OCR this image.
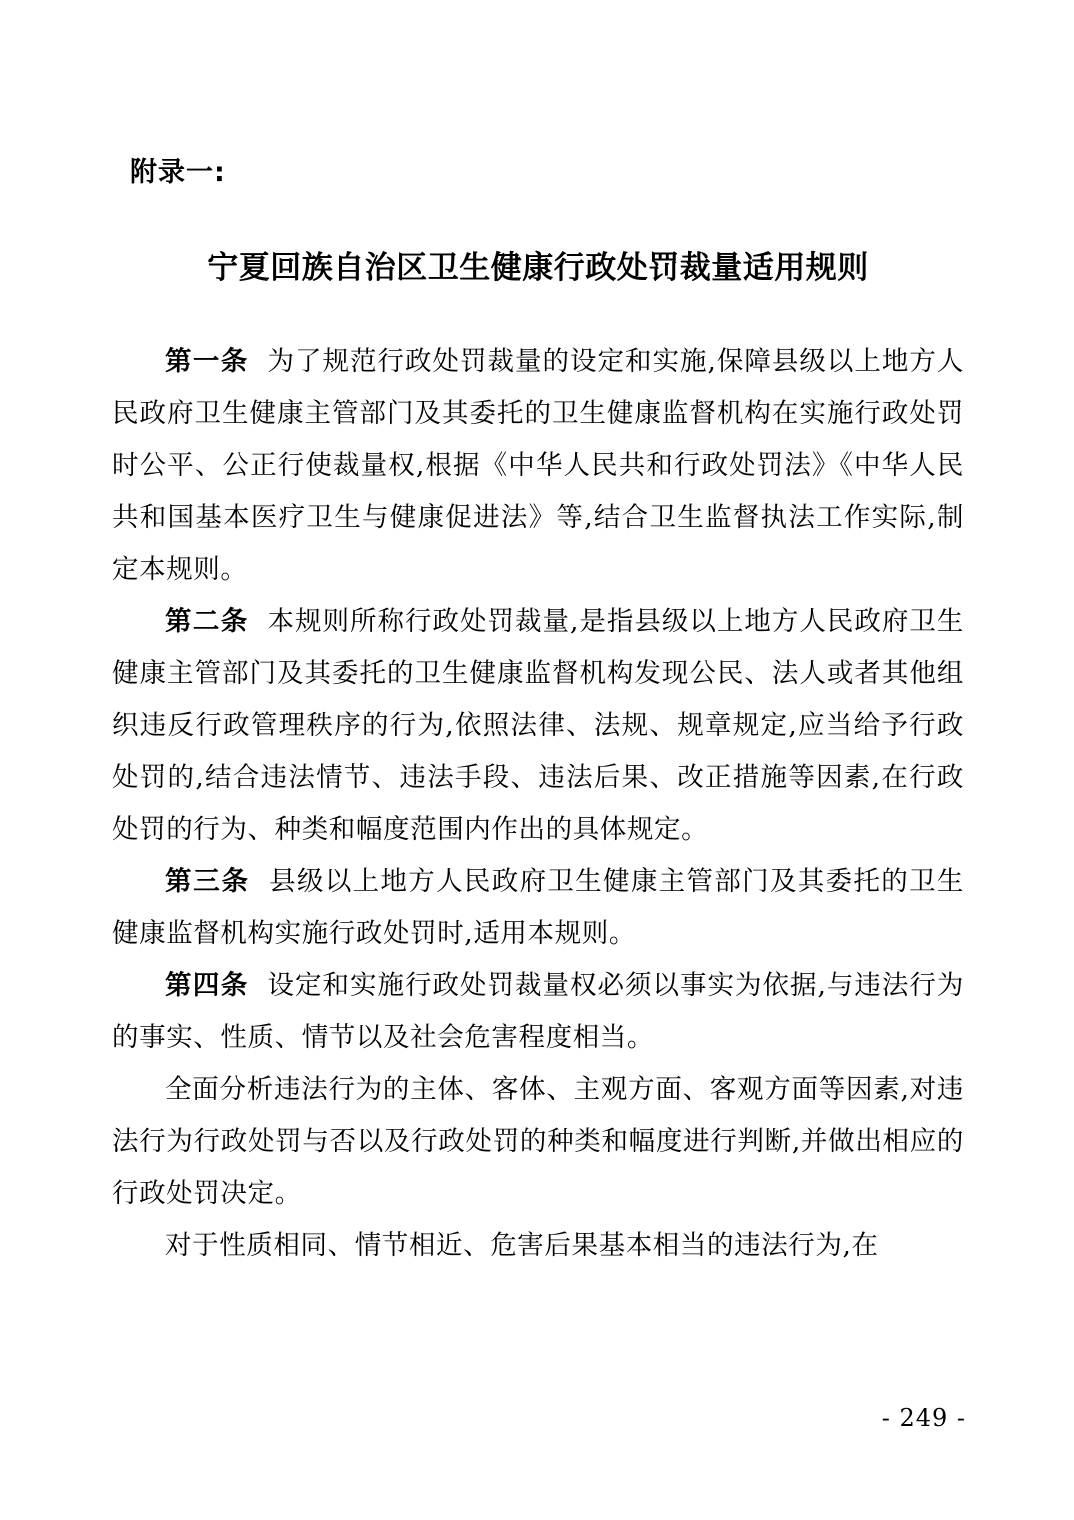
附录一:
宁夏回族自治区卫生健康行政处罚裁量适用规则

第一条 为了规范行政处罚裁量的设定和实施,保障县级以上地方人民政府卫生健康主管部门及其委托的卫生健康监督机构在实施行政处罚时公平、公正行使裁量权,根据《中华人民共和行政处罚法》《中华人民共和国基本医疗卫生与健康促进法》等,结合卫生监督执法工作实际,制定本规则。

第二条 本规则所称行政处罚裁量,是指县级以上地方人民政府卫生健康主管部门及其委托的卫生健康监督机构发现公民、法人或者其他组织违反行政管理秩序的行为,依照法律、法规、规章规定,应当给予行政处罚的,结合违法情节、违法手段、违法后果、改正措施等因素,在行政处罚的行为、种类和幅度范围内作出的具体规定。

第三条 县级以上地方人民政府卫生健康主管部门及其委托的卫生健康监督机构实施行政处罚时,适用本规则。

第四条 设定和实施行政处罚裁量权必须以事实为依据,与违法行为的事实、性质、情节以及社会危害程度相当。

全面分析违法行为的主体、客体、主观方面、客观方面等因素,对违法行为行政处罚与否以及行政处罚的种类和幅度进行判断,并做出相应的行政处罚决定。

对于性质相同、情节相近、危害后果基本相当的违法行为,在

- 249 -
